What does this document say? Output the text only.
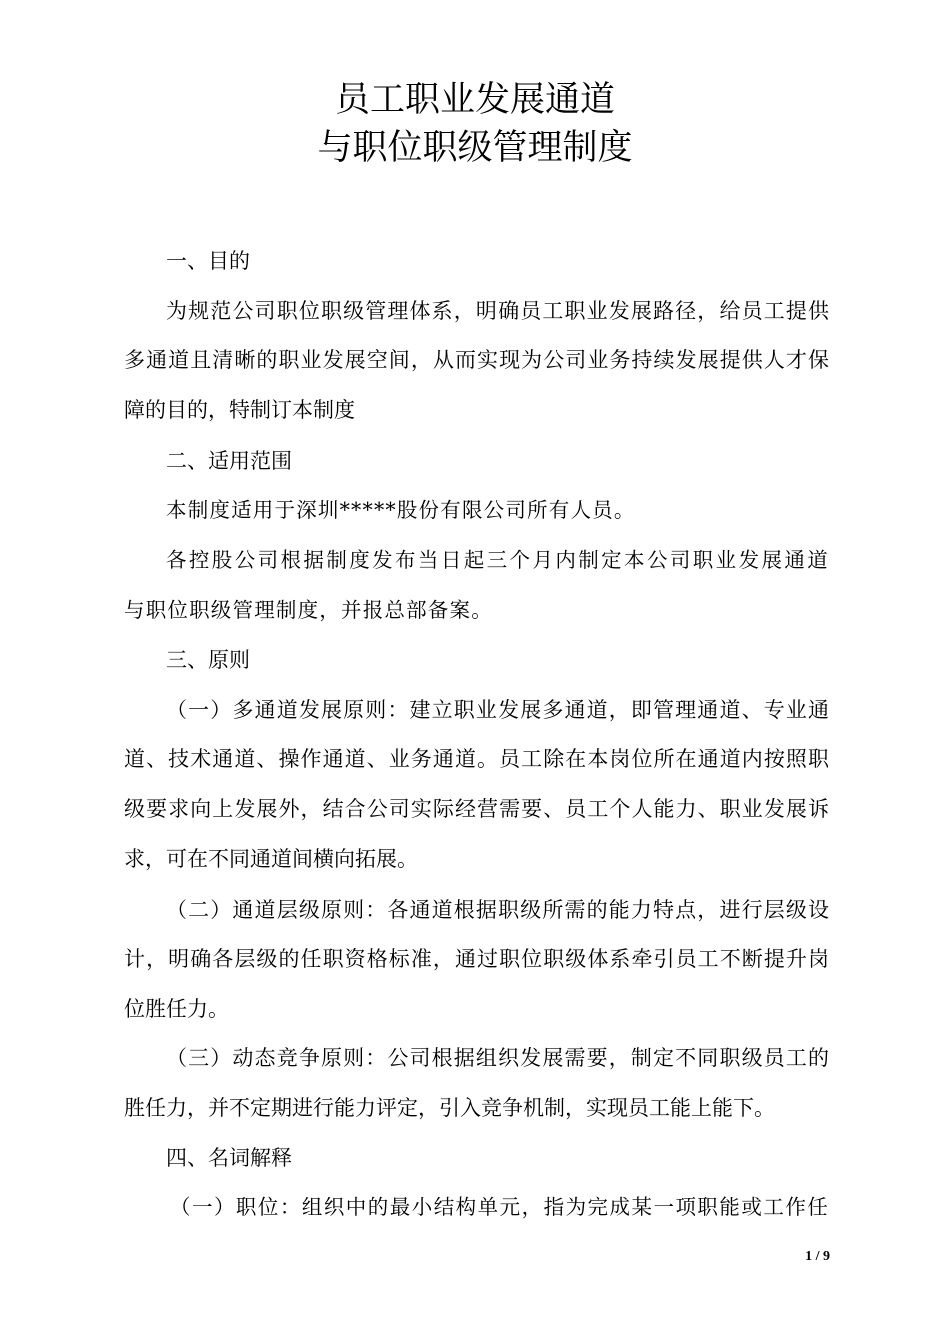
员工职业发展通道
与职位职级管理制度
一、目的
为规范公司职位职级管理体系，明确员工职业发展路径，给员工提供
多通道且清晰的职业发展空间，从而实现为公司业务持续发展提供人才保
障的目的，特制订本制度
二、适用范围
本制度适用于深圳*****股份有限公司所有人员。
各控股公司根据制度发布当日起三个月内制定本公司职业发展通道
与职位职级管理制度，并报总部备案。
三、原则
（一）多通道发展原则：建立职业发展多通道，即管理通道、专业通
道、技术通道、操作通道、业务通道。员工除在本岗位所在通道内按照职
级要求向上发展外，结合公司实际经营需要、员工个人能力、职业发展诉
求，可在不同通道间横向拓展。
（二）通道层级原则：各通道根据职级所需的能力特点，进行层级设
计，明确各层级的任职资格标准，通过职位职级体系牵引员工不断提升岗
位胜任力。
（三）动态竞争原则：公司根据组织发展需要，制定不同职级员工的
胜任力，并不定期进行能力评定，引入竞争机制，实现员工能上能下。
四、名词解释
（一）职位：组织中的最小结构单元，指为完成某一项职能或工作任
1 / 9
